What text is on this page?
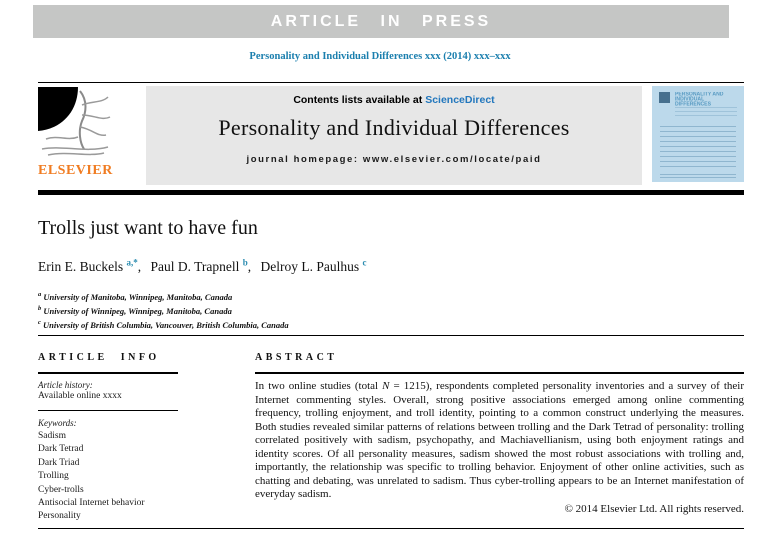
ARTICLE IN PRESS
Personality and Individual Differences xxx (2014) xxx–xxx
ELSEVIER
Contents lists available at ScienceDirect
Personality and Individual Differences
journal homepage: www.elsevier.com/locate/paid
PERSONALITY AND INDIVIDUAL DIFFERENCES
Trolls just want to have fun
Erin E. Buckels $^{a,*}$, Paul D. Trapnell $^b$, Delroy L. Paulhus $^c$
$^a$ University of Manitoba, Winnipeg, Manitoba, Canada
$^b$ University of Winnipeg, Winnipeg, Manitoba, Canada
$^c$ University of British Columbia, Vancouver, British Columbia, Canada
ARTICLE INFO
Article history:
Available online xxxx
Keywords:
Sadism
Dark Tetrad
Dark Triad
Trolling
Cyber-trolls
Antisocial Internet behavior
Personality
ABSTRACT
In two online studies (total N = 1215), respondents completed personality inventories and a survey of their Internet commenting styles. Overall, strong positive associations emerged among online commenting frequency, trolling enjoyment, and troll identity, pointing to a common construct underlying the measures. Both studies revealed similar patterns of relations between trolling and the Dark Tetrad of personality: trolling correlated positively with sadism, psychopathy, and Machiavellianism, using both enjoyment ratings and identity scores. Of all personality measures, sadism showed the most robust associations with trolling and, importantly, the relationship was specific to trolling behavior. Enjoyment of other online activities, such as chatting and debating, was unrelated to sadism. Thus cyber-trolling appears to be an Internet manifestation of everyday sadism.
© 2014 Elsevier Ltd. All rights reserved.
